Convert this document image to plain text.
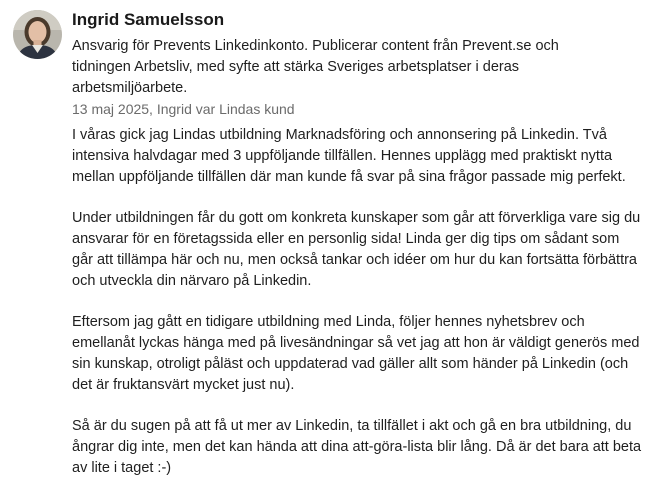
Ingrid Samuelsson

Ansvarig för Prevents Linkedinkonto. Publicerar content från Prevent.se och tidningen Arbetsliv, med syfte att stärka Sveriges arbetsplatser i deras arbetsmiljöarbete.

13 maj 2025, Ingrid var Lindas kund

I våras gick jag Lindas utbildning Marknadsföring och annonsering på Linkedin. Två intensiva halvdagar med 3 uppföljande tillfällen. Hennes upplägg med praktiskt nytta mellan uppföljande tillfällen där man kunde få svar på sina frågor passade mig perfekt.

Under utbildningen får du gott om konkreta kunskaper som går att förverkliga vare sig du ansvarar för en företagssida eller en personlig sida! Linda ger dig tips om sådant som går att tillämpa här och nu, men också tankar och idéer om hur du kan fortsätta förbättra och utveckla din närvaro på Linkedin.

Eftersom jag gått en tidigare utbildning med Linda, följer hennes nyhetsbrev och emellanåt lyckas hänga med på livesändningar så vet jag att hon är väldigt generös med sin kunskap, otroligt påläst och uppdaterad vad gäller allt som händer på Linkedin (och det är fruktansvärt mycket just nu).

Så är du sugen på att få ut mer av Linkedin, ta tillfället i akt och gå en bra utbildning, du ångrar dig inte, men det kan hända att dina att-göra-lista blir lång. Då är det bara att beta av lite i taget :-)
